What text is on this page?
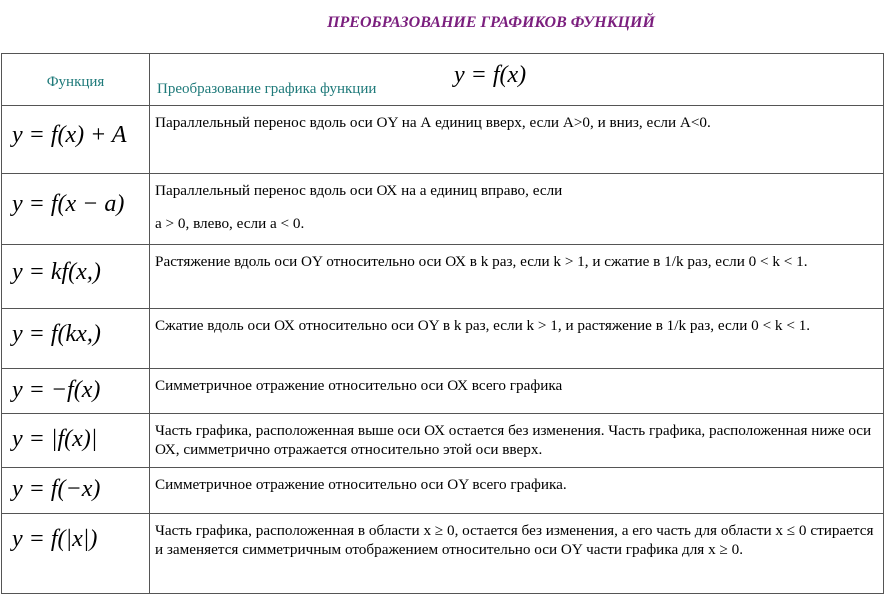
ПРЕОБРАЗОВАНИЕ ГРАФИКОВ ФУНКЦИЙ
Функция	Преобразование графика функции
y = f(x)

y = f(x) + A	Параллельный перенос вдоль оси ОY на А единиц вверх, если А>0, и вниз, если А<0.
y = f(x − a)	Параллельный перенос вдоль оси ОХ на a единиц вправо, если
a > 0, влево, если a < 0.
y = kf(x,)	Растяжение вдоль оси ОY относительно оси ОХ в k раз, если k > 1, и сжатие в 1/k раз, если 0 < k < 1.
y = f(kx,)	Сжатие вдоль оси ОХ относительно оси ОY в k раз, если k > 1, и растяжение в 1/k раз, если 0 < k < 1.
y = −f(x)	Симметричное отражение относительно оси ОХ всего графика
y = |f(x)|	Часть графика, расположенная выше оси ОХ остается без изменения. Часть графика, расположенная ниже оси ОХ, симметрично отражается относительно этой оси вверх.
y = f(−x)	Симметричное отражение относительно оси ОY всего графика.
y = f(|x|)	Часть графика, расположенная в области х ≥ 0, остается без изменения, а его часть для области х ≤ 0 стирается и заменяется симметричным отображением относительно оси ОY части графика для х ≥ 0.
